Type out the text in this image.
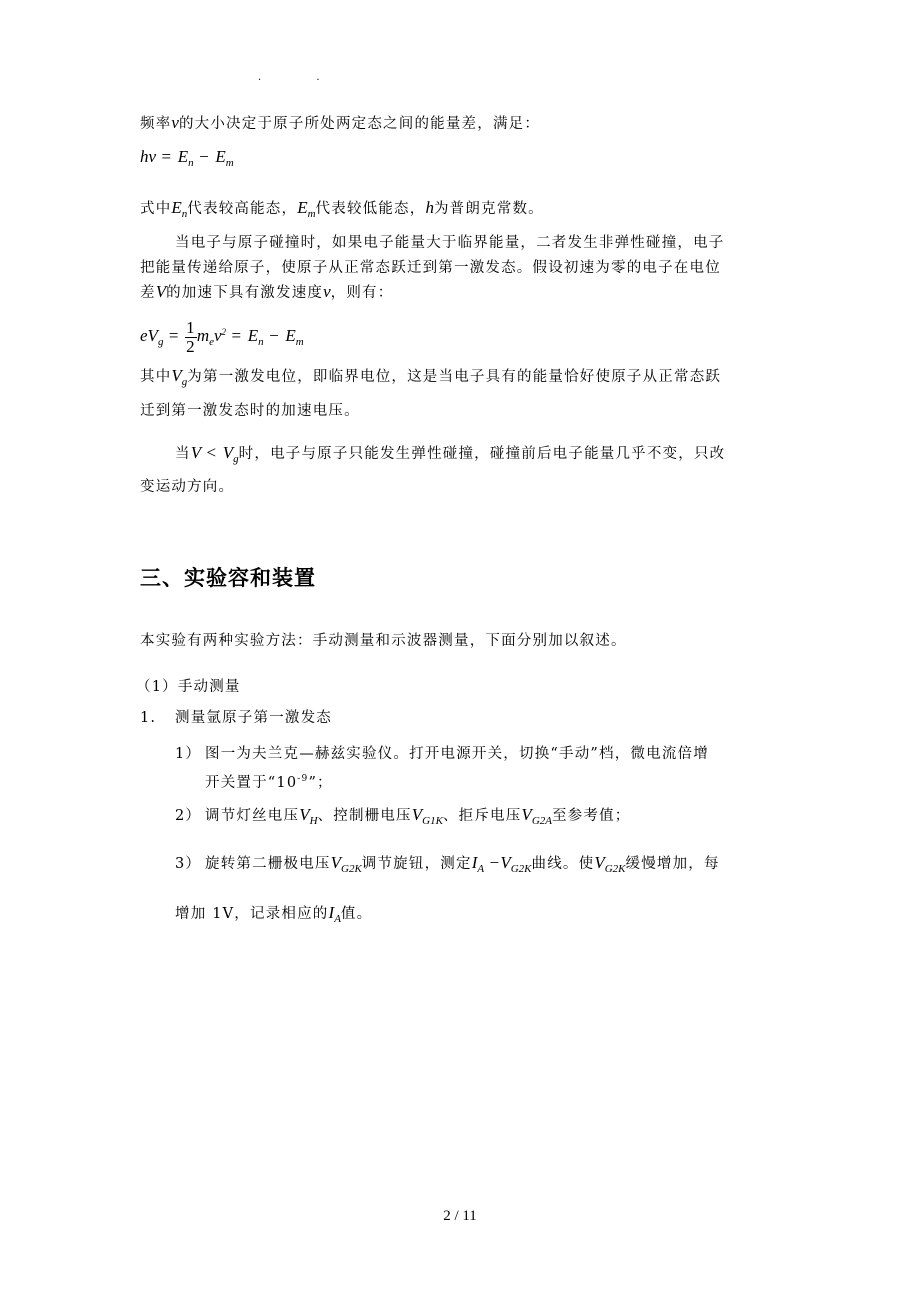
. .
频率ν的大小决定于原子所处两定态之间的能量差，满足：
$h\nu = E_n - E_m$
式中$E_n$代表较高能态，$E_m$代表较低能态，h为普朗克常数。
当电子与原子碰撞时，如果电子能量大于临界能量，二者发生非弹性碰撞，电子
把能量传递给原子，使原子从正常态跃迁到第一激发态。假设初速为零的电子在电位
差V的加速下具有激发速度v，则有：
$eV_g = \frac{1}{2} m_ev^2 = E_n - E_m$
其中$V_g$为第一激发电位，即临界电位，这是当电子具有的能量恰好使原子从正常态跃
迁到第一激发态时的加速电压。
当$V < V_g$时，电子与原子只能发生弹性碰撞，碰撞前后电子能量几乎不变，只改
变运动方向。
三、实验容和装置
本实验有两种实验方法：手动测量和示波器测量，下面分别加以叙述。
（1）手动测量
1. 测量氩原子第一激发态
1） 图一为夫兰克—赫兹实验仪。打开电源开关，切换“手动”档，微电流倍增
开关置于“$10^{-9}$”；
2） 调节灯丝电压$V_H$、控制栅电压$V_{G1K}$、拒斥电压$V_{G2A}$至参考值；
3） 旋转第二栅极电压$V_{G2K}$调节旋钮，测定$I_A -V_{G2K}$曲线。使$V_{G2K}$缓慢增加，每
增加 1V，记录相应的$I_A$值。
2 / 11
